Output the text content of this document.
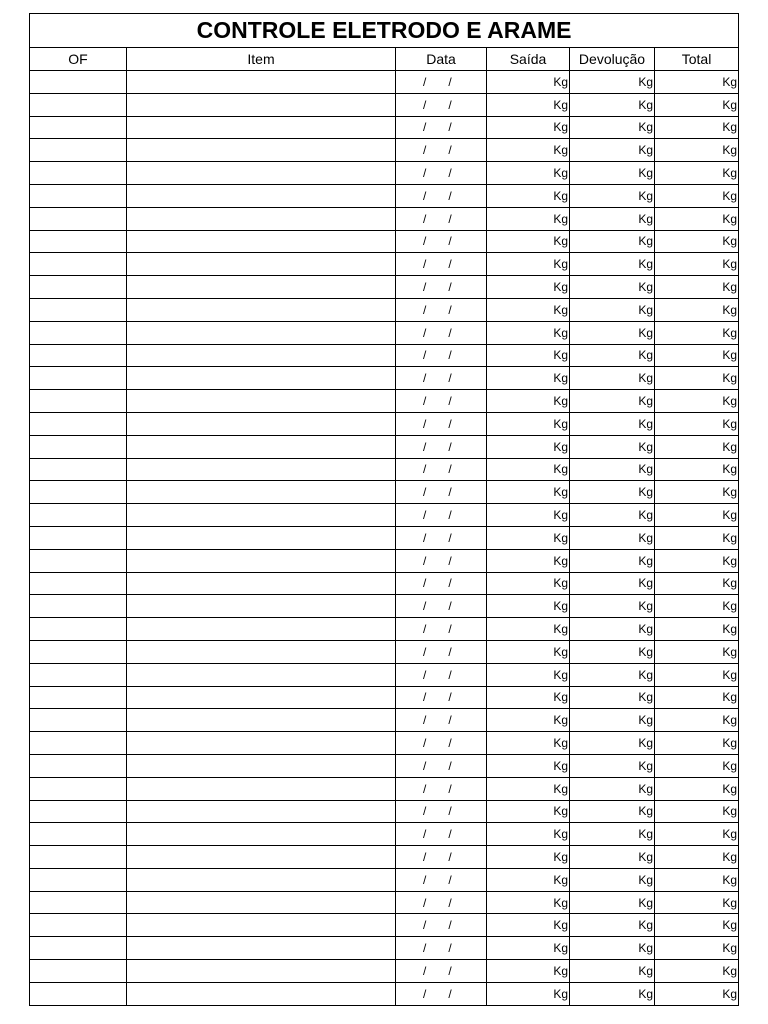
CONTROLE ELETRODO E ARAME					
OF	Item	Data	Saída	Devolução	Total
		/ /	Kg	Kg	Kg
		/ /	Kg	Kg	Kg
		/ /	Kg	Kg	Kg
		/ /	Kg	Kg	Kg
		/ /	Kg	Kg	Kg
		/ /	Kg	Kg	Kg
		/ /	Kg	Kg	Kg
		/ /	Kg	Kg	Kg
		/ /	Kg	Kg	Kg
		/ /	Kg	Kg	Kg
		/ /	Kg	Kg	Kg
		/ /	Kg	Kg	Kg
		/ /	Kg	Kg	Kg
		/ /	Kg	Kg	Kg
		/ /	Kg	Kg	Kg
		/ /	Kg	Kg	Kg
		/ /	Kg	Kg	Kg
		/ /	Kg	Kg	Kg
		/ /	Kg	Kg	Kg
		/ /	Kg	Kg	Kg
		/ /	Kg	Kg	Kg
		/ /	Kg	Kg	Kg
		/ /	Kg	Kg	Kg
		/ /	Kg	Kg	Kg
		/ /	Kg	Kg	Kg
		/ /	Kg	Kg	Kg
		/ /	Kg	Kg	Kg
		/ /	Kg	Kg	Kg
		/ /	Kg	Kg	Kg
		/ /	Kg	Kg	Kg
		/ /	Kg	Kg	Kg
		/ /	Kg	Kg	Kg
		/ /	Kg	Kg	Kg
		/ /	Kg	Kg	Kg
		/ /	Kg	Kg	Kg
		/ /	Kg	Kg	Kg
		/ /	Kg	Kg	Kg
		/ /	Kg	Kg	Kg
		/ /	Kg	Kg	Kg
		/ /	Kg	Kg	Kg
		/ /	Kg	Kg	Kg
